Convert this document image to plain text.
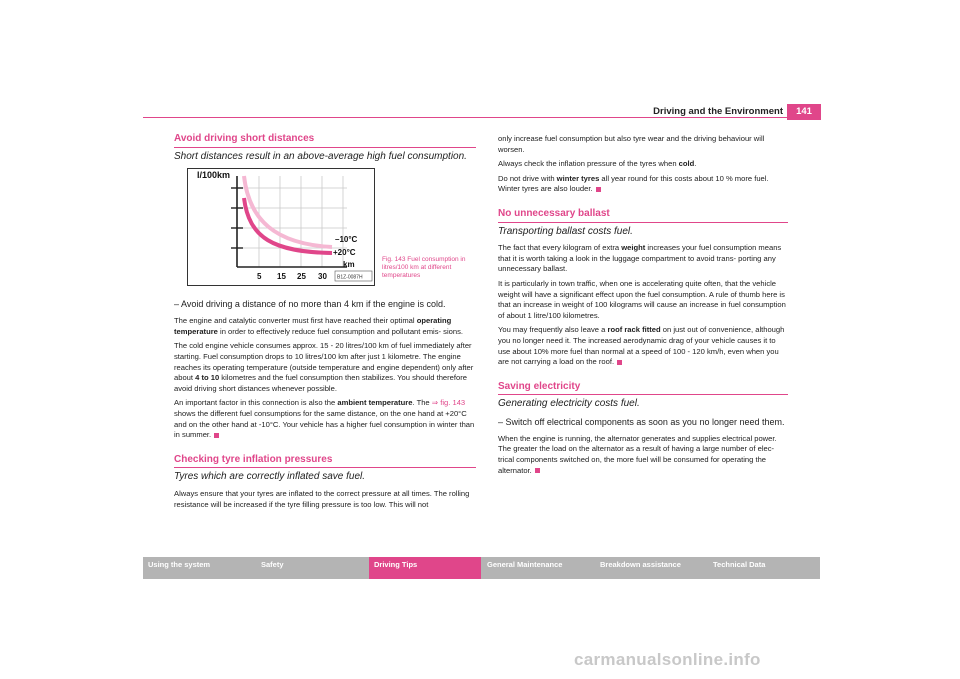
Driving and the Environment	141
Avoid driving short distances
Short distances result in an above-average high fuel consumption.
l/100km
–10°C
+20°C
km
5 15 25 30 B1Z-0087H
Fig. 143 Fuel consumption in litres/100 km at different temperatures
– Avoid driving a distance of no more than 4 km if the engine is cold.

The engine and catalytic converter must first have reached their optimal operating temperature in order to effectively reduce fuel consumption and pollutant emis- sions.

The cold engine vehicle consumes approx. 15 - 20 litres/100 km of fuel immediately after starting. Fuel consumption drops to 10 litres/100 km after just 1 kilometre. The engine reaches its operating temperature (outside temperature and engine dependent) only after about 4 to 10 kilometres and the fuel consumption then stabilizes. You should therefore avoid driving short distances whenever possible.

An important factor in this connection is also the ambient temperature. The ⇒ fig. 143 shows the different fuel consumptions for the same distance, on the one hand at +20°C and on the other hand at -10°C. Your vehicle has a higher fuel consumption in winter than in summer.

Checking tyre inflation pressures
Tyres which are correctly inflated save fuel.

Always ensure that your tyres are inflated to the correct pressure at all times. The rolling resistance will be increased if the tyre filling pressure is too low. This will not

only increase fuel consumption but also tyre wear and the driving behaviour will worsen.

Always check the inflation pressure of the tyres when cold.

Do not drive with winter tyres all year round for this costs about 10 % more fuel. Winter tyres are also louder.

No unnecessary ballast
Transporting ballast costs fuel.

The fact that every kilogram of extra weight increases your fuel consumption means that it is worth taking a look in the luggage compartment to avoid trans- porting any unnecessary ballast.

It is particularly in town traffic, when one is accelerating quite often, that the vehicle weight will have a significant effect upon the fuel consumption. A rule of thumb here is that an increase in weight of 100 kilograms will cause an increase in fuel consumption of about 1 litre/100 kilometres.

You may frequently also leave a roof rack fitted on just out of convenience, although you no longer need it. The increased aerodynamic drag of your vehicle causes it to use about 10% more fuel than normal at a speed of 100 - 120 km/h, even when you are not carrying a load on the roof.

Saving electricity
Generating electricity costs fuel.
– Switch off electrical components as soon as you no longer need them.

When the engine is running, the alternator generates and supplies electrical power. The greater the load on the alternator as a result of having a large number of elec- trical components switched on, the more fuel will be consumed for operating the alternator.

Using the system	Safety	Driving Tips	General Maintenance	Breakdown assistance	Technical Data
carmanualsonline.info
